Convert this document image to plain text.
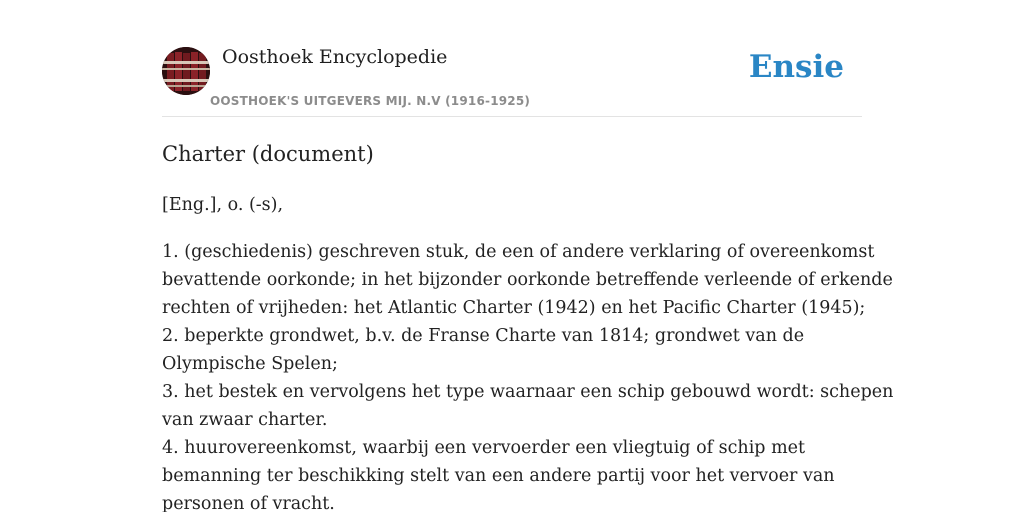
Oosthoek Encyclopedie
OOSTHOEK'S UITGEVERS MIJ. N.V (1916-1925)
Ensie
Charter (document)
[Eng.], o. (-s),
1. (geschiedenis) geschreven stuk, de een of andere verklaring of overeenkomst
bevattende oorkonde; in het bijzonder oorkonde betreffende verleende of erkende
rechten of vrijheden: het Atlantic Charter (1942) en het Pacific Charter (1945);
2. beperkte grondwet, b.v. de Franse Charte van 1814; grondwet van de
Olympische Spelen;
3. het bestek en vervolgens het type waarnaar een schip gebouwd wordt: schepen
van zwaar charter.
4. huurovereenkomst, waarbij een vervoerder een vliegtuig of schip met
bemanning ter beschikking stelt van een andere partij voor het vervoer van
personen of vracht.
